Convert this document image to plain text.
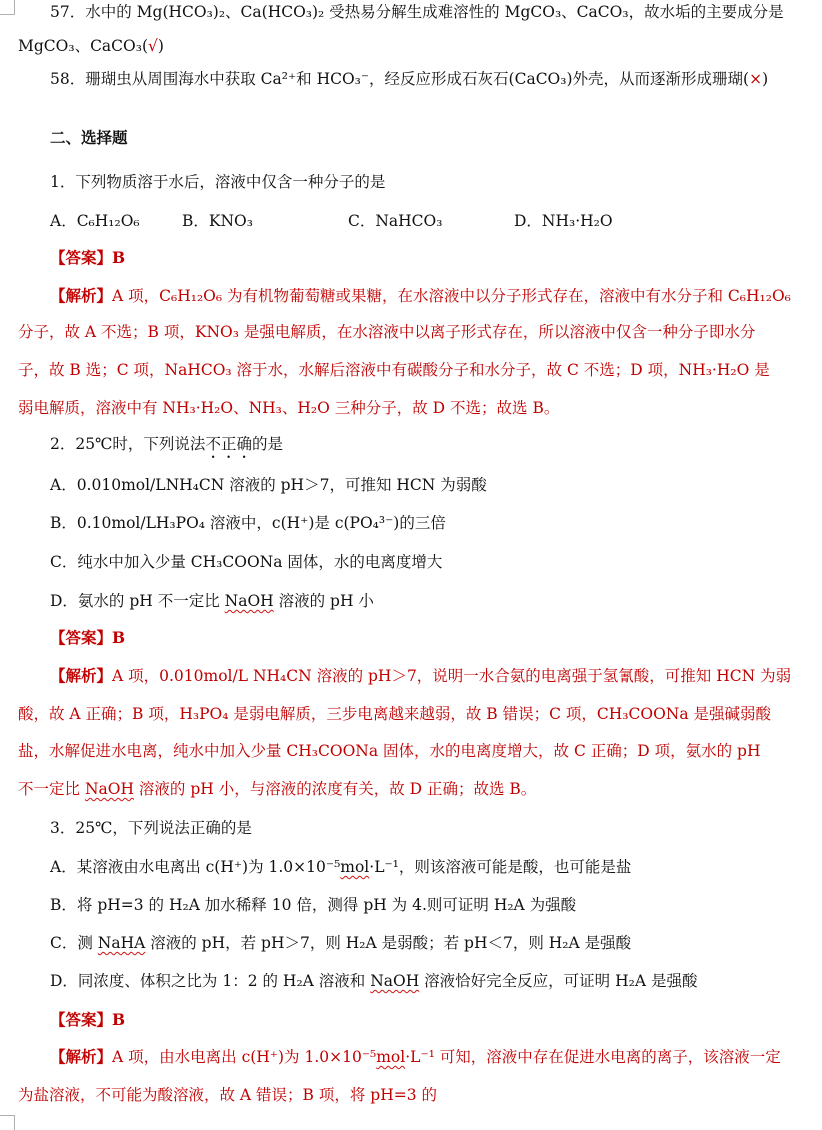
57．水中的 Mg(HCO₃)₂、Ca(HCO₃)₂ 受热易分解生成难溶性的 MgCO₃、CaCO₃，故水垢的主要成分是
MgCO₃、CaCO₃(√)
58．珊瑚虫从周围海水中获取 Ca²⁺和 HCO₃⁻，经反应形成石灰石(CaCO₃)外壳，从而逐渐形成珊瑚(×)
二、选择题
1．下列物质溶于水后，溶液中仅含一种分子的是
A．C₆H₁₂O₆	B．KNO₃	C．NaHCO₃	D．NH₃·H₂O
【答案】B
【解析】A 项，C₆H₁₂O₆ 为有机物葡萄糖或果糖，在水溶液中以分子形式存在，溶液中有水分子和 C₆H₁₂O₆
分子，故 A 不选；B 项，KNO₃ 是强电解质，在水溶液中以离子形式存在，所以溶液中仅含一种分子即水分
子，故 B 选；C 项，NaHCO₃ 溶于水，水解后溶液中有碳酸分子和水分子，故 C 不选；D 项，NH₃·H₂O 是
弱电解质，溶液中有 NH₃·H₂O、NH₃、H₂O 三种分子，故 D 不选；故选 B。
2．25℃时，下列说法不正确的是
A．0.010mol/LNH₄CN 溶液的 pH＞7，可推知 HCN 为弱酸
B．0.10mol/LH₃PO₄ 溶液中，c(H⁺)是 c(PO₄³⁻)的三倍
C．纯水中加入少量 CH₃COONa 固体，水的电离度增大
D．氨水的 pH 不一定比 NaOH 溶液的 pH 小
【答案】B
【解析】A 项，0.010mol/L NH₄CN 溶液的 pH＞7，说明一水合氨的电离强于氢氰酸，可推知 HCN 为弱
酸，故 A 正确；B 项，H₃PO₄ 是弱电解质，三步电离越来越弱，故 B 错误；C 项，CH₃COONa 是强碱弱酸
盐，水解促进水电离，纯水中加入少量 CH₃COONa 固体，水的电离度增大，故 C 正确；D 项，氨水的 pH
不一定比 NaOH 溶液的 pH 小，与溶液的浓度有关，故 D 正确；故选 B。
3．25℃，下列说法正确的是
A．某溶液由水电离出 c(H⁺)为 1.0×10⁻⁵mol·L⁻¹，则该溶液可能是酸，也可能是盐
B．将 pH=3 的 H₂A 加水稀释 10 倍，测得 pH 为 4.则可证明 H₂A 为强酸
C．测 NaHA 溶液的 pH，若 pH＞7，则 H₂A 是弱酸；若 pH＜7，则 H₂A 是强酸
D．同浓度、体积之比为 1：2 的 H₂A 溶液和 NaOH 溶液恰好完全反应，可证明 H₂A 是强酸
【答案】B
【解析】A 项，由水电离出 c(H⁺)为 1.0×10⁻⁵mol·L⁻¹ 可知，溶液中存在促进水电离的离子，该溶液一定
为盐溶液，不可能为酸溶液，故 A 错误；B 项，将 pH=3 的
